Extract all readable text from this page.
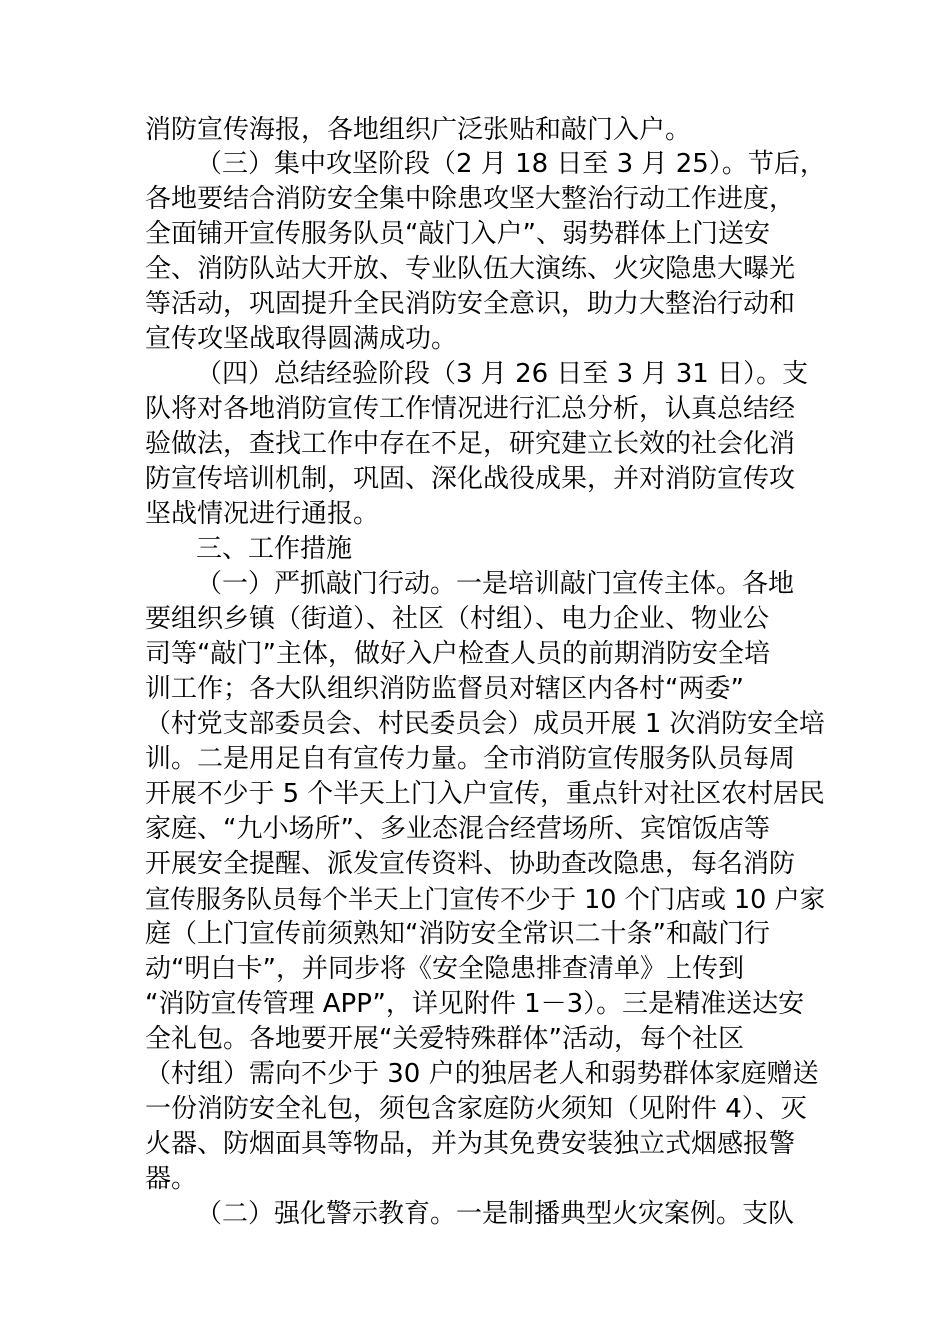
消防宣传海报，各地组织广泛张贴和敲门入户。
（三）集中攻坚阶段（2 月 18 日至 3 月 25）。节后，
各地要结合消防安全集中除患攻坚大整治行动工作进度，
全面铺开宣传服务队员“敲门入户”、弱势群体上门送安
全、消防队站大开放、专业队伍大演练、火灾隐患大曝光
等活动，巩固提升全民消防安全意识，助力大整治行动和
宣传攻坚战取得圆满成功。
（四）总结经验阶段（3 月 26 日至 3 月 31 日）。支
队将对各地消防宣传工作情况进行汇总分析，认真总结经
验做法，查找工作中存在不足，研究建立长效的社会化消
防宣传培训机制，巩固、深化战役成果，并对消防宣传攻
坚战情况进行通报。
三、工作措施
（一）严抓敲门行动。一是培训敲门宣传主体。各地
要组织乡镇（街道）、社区（村组）、电力企业、物业公
司等“敲门”主体，做好入户检查人员的前期消防安全培
训工作；各大队组织消防监督员对辖区内各村“两委”
（村党支部委员会、村民委员会）成员开展 1 次消防安全培
训。二是用足自有宣传力量。全市消防宣传服务队员每周
开展不少于 5 个半天上门入户宣传，重点针对社区农村居民
家庭、“九小场所”、多业态混合经营场所、宾馆饭店等
开展安全提醒、派发宣传资料、协助查改隐患，每名消防
宣传服务队员每个半天上门宣传不少于 10 个门店或 10 户家
庭（上门宣传前须熟知“消防安全常识二十条”和敲门行
动“明白卡”，并同步将《安全隐患排查清单》上传到
“消防宣传管理 APP”，详见附件 1－3）。三是精准送达安
全礼包。各地要开展“关爱特殊群体”活动，每个社区
（村组）需向不少于 30 户的独居老人和弱势群体家庭赠送
一份消防安全礼包，须包含家庭防火须知（见附件 4）、灭
火器、防烟面具等物品，并为其免费安装独立式烟感报警
器。
（二）强化警示教育。一是制播典型火灾案例。支队
